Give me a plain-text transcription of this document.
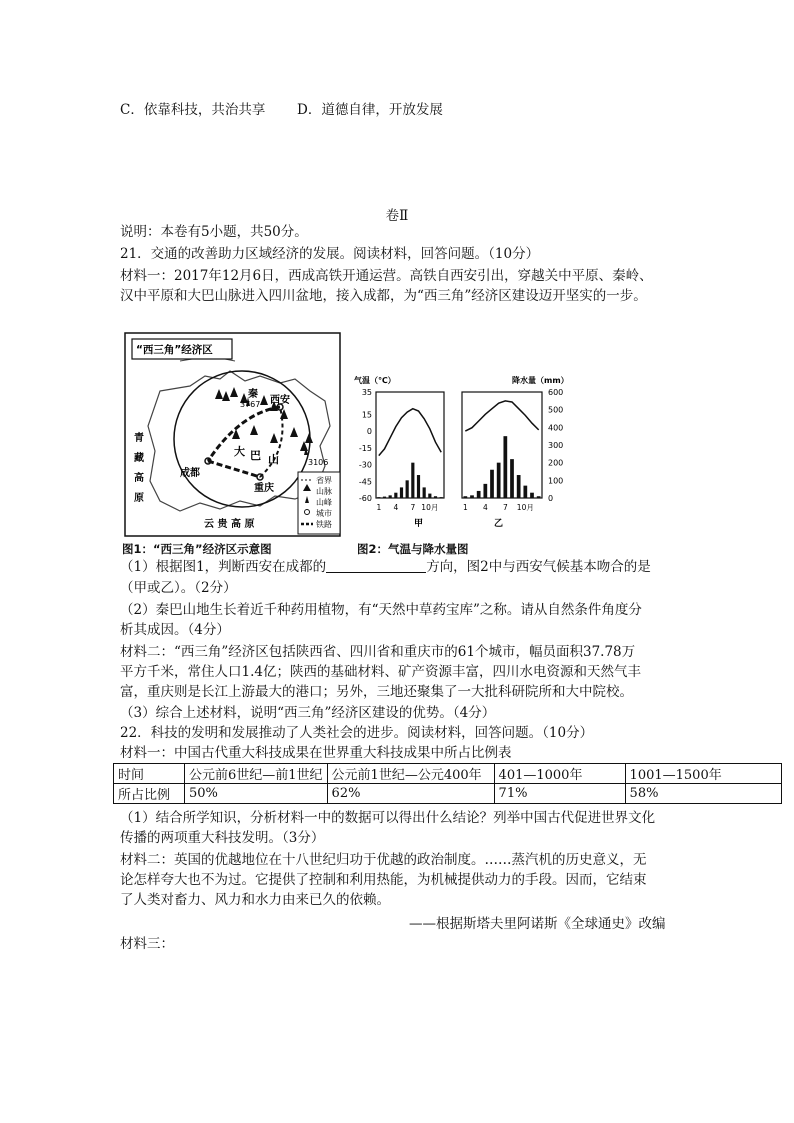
C．依靠科技，共治共享 D．道德自律，开放发展
卷Ⅱ
说明：本卷有5小题，共50分。
21．交通的改善助力区域经济的发展。阅读材料，回答问题。（10分）
材料一：2017年12月6日，西成高铁开通运营。高铁自西安引出，穿越关中平原、秦岭、
汉中平原和大巴山脉进入四川盆地，接入成都，为“西三角”经济区建设迈开坚实的一步。
“西三角”经济区
3767
3106
秦
大 巴 山
西安
成都
重庆
青
藏
高
原
云 贵 高 原
省界
山脉
山峰
城市
铁路
图1：“西三角”经济区示意图
气温（℃）	降水量（mm）
35
15
0
-15
-30
-45
-60
600
500
400
300
200
100
0
1 4 7 10月	1 4 7 10月
甲	乙
图2：气温与降水量图
（1）根据图1，判断西安在成都的	方向，图2中与西安气候基本吻合的是
（甲或乙）。（2分）
（2）秦巴山地生长着近千种药用植物，有“天然中草药宝库”之称。请从自然条件角度分
析其成因。（4分）
材料二：“西三角”经济区包括陕西省、四川省和重庆市的61个城市，幅员面积37.78万
平方千米，常住人口1.4亿；陕西的基础材料、矿产资源丰富，四川水电资源和天然气丰
富，重庆则是长江上游最大的港口；另外，三地还聚集了一大批科研院所和大中院校。
（3）综合上述材料，说明“西三角”经济区建设的优势。（4分）
22．科技的发明和发展推动了人类社会的进步。阅读材料，回答问题。（10分）
材料一：中国古代重大科技成果在世界重大科技成果中所占比例表
时间	公元前6世纪—前1世纪	公元前1世纪—公元400年	401—1000年	1001—1500年
所占比例	50%	62%	71%	58%
（1）结合所学知识，分析材料一中的数据可以得出什么结论？列举中国古代促进世界文化
传播的两项重大科技发明。（3分）
材料二：英国的优越地位在十八世纪归功于优越的政治制度。……蒸汽机的历史意义，无
论怎样夸大也不为过。它提供了控制和利用热能，为机械提供动力的手段。因而，它结束
了人类对畜力、风力和水力由来已久的依赖。
——根据斯塔夫里阿诺斯《全球通史》改编
材料三：
